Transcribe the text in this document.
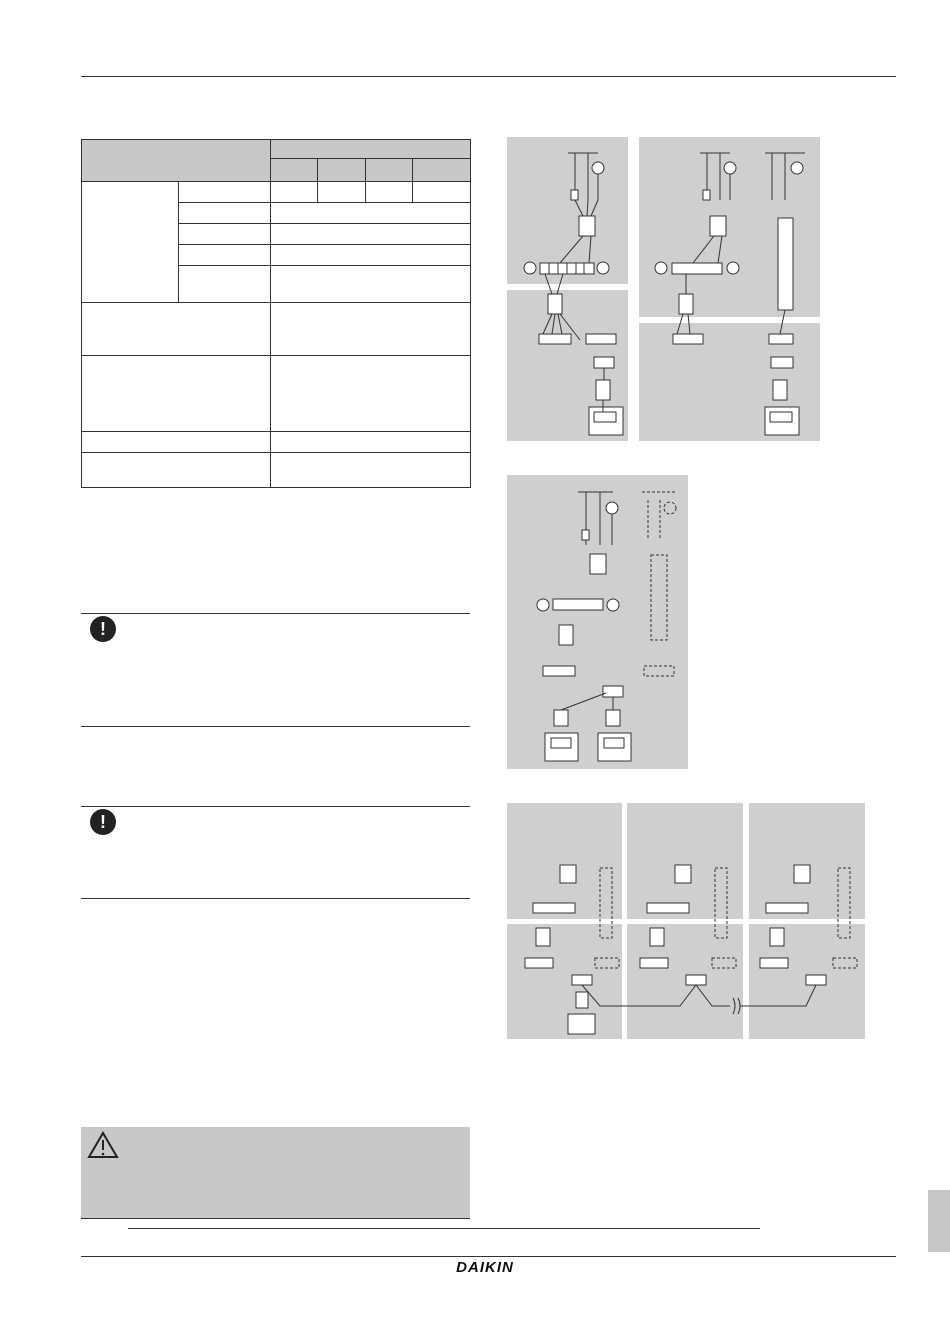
!
!
DAIKIN
